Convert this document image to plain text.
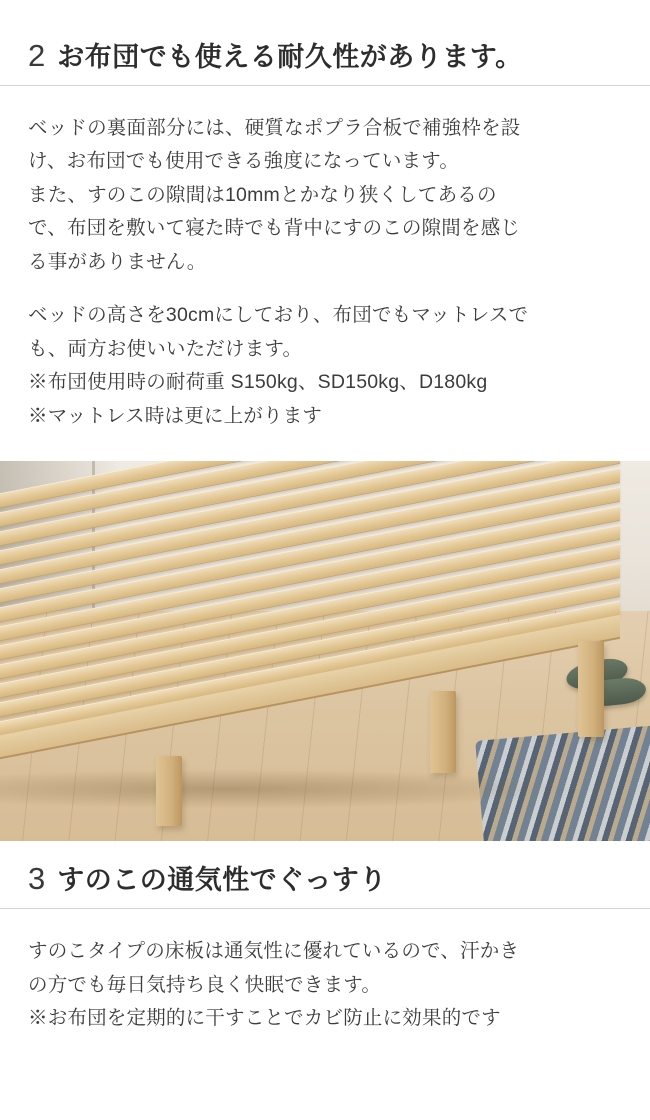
2 お布団でも使える耐久性があります。

ベッドの裏面部分には、硬質なポプラ合板で補強枠を設
け、お布団でも使用できる強度になっています。
また、すのこの隙間は10mmとかなり狭くしてあるの
で、布団を敷いて寝た時でも背中にすのこの隙間を感じ
る事がありません。

ベッドの高さを30cmにしており、布団でもマットレスで
も、両方お使いいただけます。
※布団使用時の耐荷重 S150kg、SD150kg、D180kg
※マットレス時は更に上がります

3 すのこの通気性でぐっすり

すのこタイプの床板は通気性に優れているので、汗かき
の方でも毎日気持ち良く快眠できます。
※お布団を定期的に干すことでカビ防止に効果的です
